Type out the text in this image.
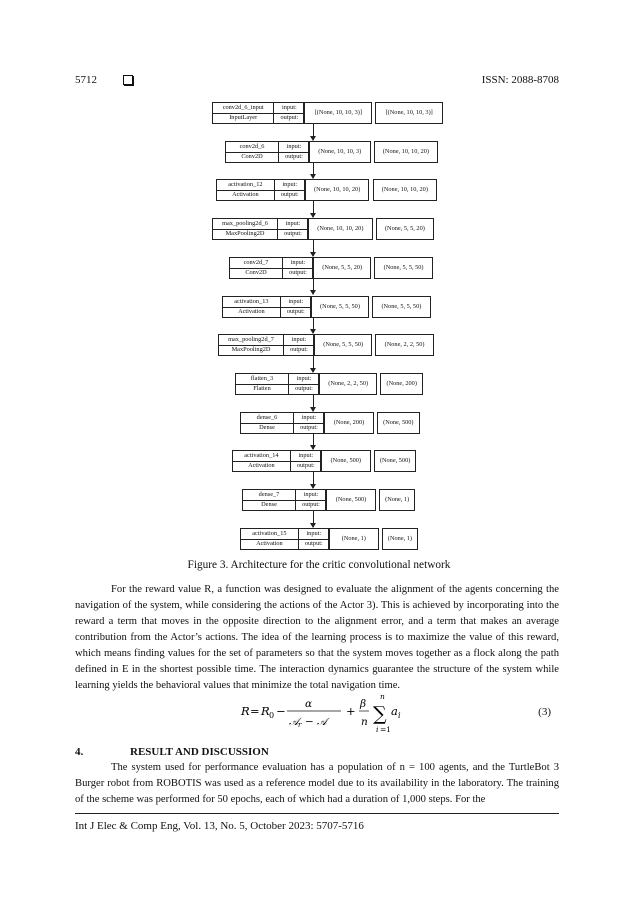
5712	ISSN: 2088-8708
conv2d_6_input
InputLayer
input:
output:
[(None, 10, 10, 3)]	[(None, 10, 10, 3)]
conv2d_6
Conv2D
input:
output:
(None, 10, 10, 3)	(None, 10, 10, 20)
activation_12
Activation
input:
output:
(None, 10, 10, 20)	(None, 10, 10, 20)
max_pooling2d_6
MaxPooling2D
input:
output:
(None, 10, 10, 20)	(None, 5, 5, 20)
conv2d_7
Conv2D
input:
output:
(None, 5, 5, 20)	(None, 5, 5, 50)
activation_13
Activation
input:
output:
(None, 5, 5, 50)	(None, 5, 5, 50)
max_pooling2d_7
MaxPooling2D
input:
output:
(None, 5, 5, 50)	(None, 2, 2, 50)
flatten_3
Flatten
input:
output:
(None, 2, 2, 50)	(None, 200)
dense_6
Dense
input:
output:
(None, 200)	(None, 500)
activation_14
Activation
input:
output:
(None, 500)	(None, 500)
dense_7
Dense
input:
output:
(None, 500)	(None, 1)
activation_15
Activation
input:
output:
(None, 1)	(None, 1)
Figure 3. Architecture for the critic convolutional network

For the reward value R, a function was designed to evaluate the alignment of the agents concerning the navigation of the system, while considering the actions of the Actor 3). This is achieved by incorporating into the reward a term that moves in the opposite direction to the alignment error, and a term that makes an average contribution from the Actor’s actions. The idea of the learning process is to maximize the value of this reward, which means finding values for the set of parameters so that the system moves together as a flock along the path defined in E in the shortest possible time. The interaction dynamics guarantee the structure of the system while learning yields the behavioral values that minimize the total navigation time.

R = R 0 − α
𝒜 r − 𝒜
+ β
n
n
∑
i =1
a i	(3)
4.	RESULT AND DISCUSSION

The system used for performance evaluation has a population of n = 100 agents, and the TurtleBot 3 Burger robot from ROBOTIS was used as a reference model due to its availability in the laboratory. The training of the scheme was performed for 50 epochs, each of which had a duration of 1,000 steps. For the

Int J Elec & Comp Eng, Vol. 13, No. 5, October 2023: 5707-5716
